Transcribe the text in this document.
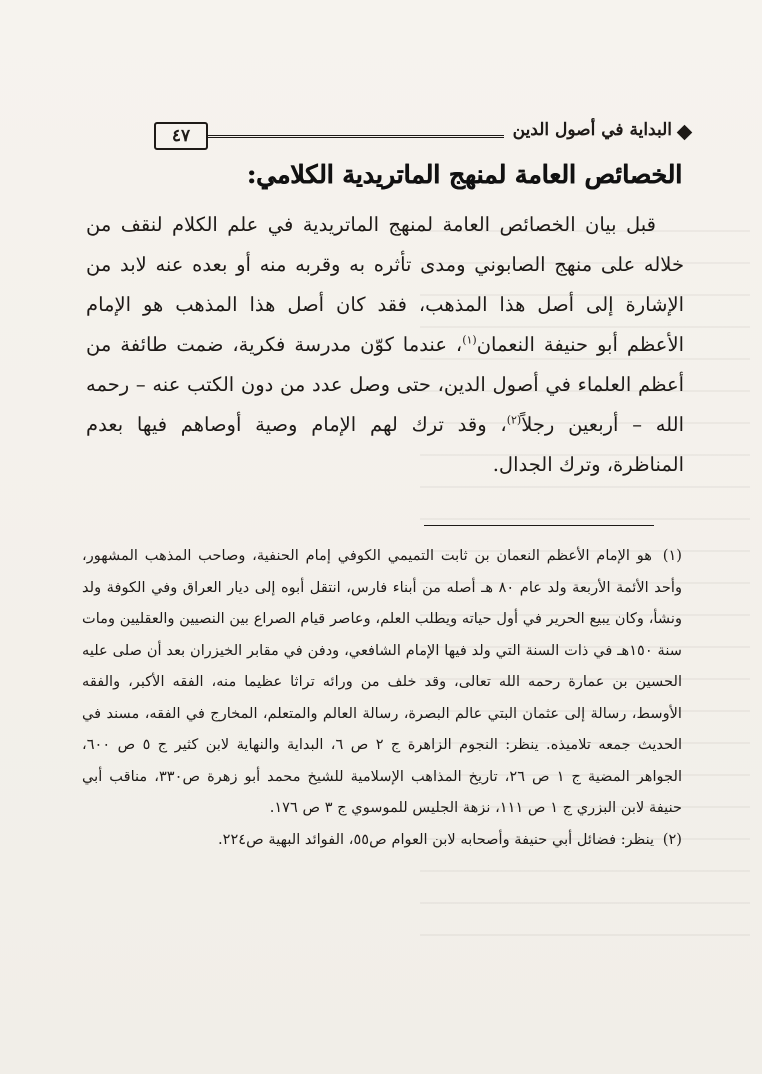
٤٧	البداية في أصول الدين
الخصائص العامة لمنهج الماتريدية الكلامي:

قبل بيان الخصائص العامة لمنهج الماتريدية في علم الكلام لنقف من خلاله على منهج الصابوني ومدى تأثره به وقربه منه أو بعده عنه لابد من الإشارة إلى أصل هذا المذهب، فقد كان أصل هذا المذهب هو الإمام الأعظم أبو حنيفة النعمان$^{(١)}$، عندما كوّن مدرسة فكرية، ضمت طائفة من أعظم العلماء في أصول الدين، حتى وصل عدد من دون الكتب عنه – رحمه الله – أربعين رجلاً$^{(٢)}$، وقد ترك لهم الإمام وصية أوصاهم فيها بعدم المناظرة، وترك الجدال.

(١) هو الإمام الأعظم النعمان بن ثابت التميمي الكوفي إمام الحنفية، وصاحب المذهب المشهور، وأحد الأئمة الأربعة ولد عام ٨٠ هـ أصله من أبناء فارس، انتقل أبوه إلى ديار العراق وفي الكوفة ولد ونشأ، وكان يبيع الحرير في أول حياته ويطلب العلم، وعاصر قيام الصراع بين النصيين والعقليين ومات سنة ١٥٠هـ في ذات السنة التي ولد فيها الإمام الشافعي، ودفن في مقابر الخيزران بعد أن صلى عليه الحسين بن عمارة رحمه الله تعالى، وقد خلف من ورائه تراثا عظيما منه، الفقه الأكبر، والفقه الأوسط، رسالة إلى عثمان البتي عالم البصرة، رسالة العالم والمتعلم، المخارج في الفقه، مسند في الحديث جمعه تلاميذه. ينظر: النجوم الزاهرة ج ٢ ص ٦، البداية والنهاية لابن كثير ج ٥ ص ٦٠٠، الجواهر المضية ج ١ ص ٢٦، تاريخ المذاهب الإسلامية للشيخ محمد أبو زهرة ص٣٣٠، مناقب أبي حنيفة لابن البزري ج ١ ص ١١١، نزهة الجليس للموسوي ج ٣ ص ١٧٦.

(٢) ينظر: فضائل أبي حنيفة وأصحابه لابن العوام ص٥٥، الفوائد البهية ص٢٢٤.
